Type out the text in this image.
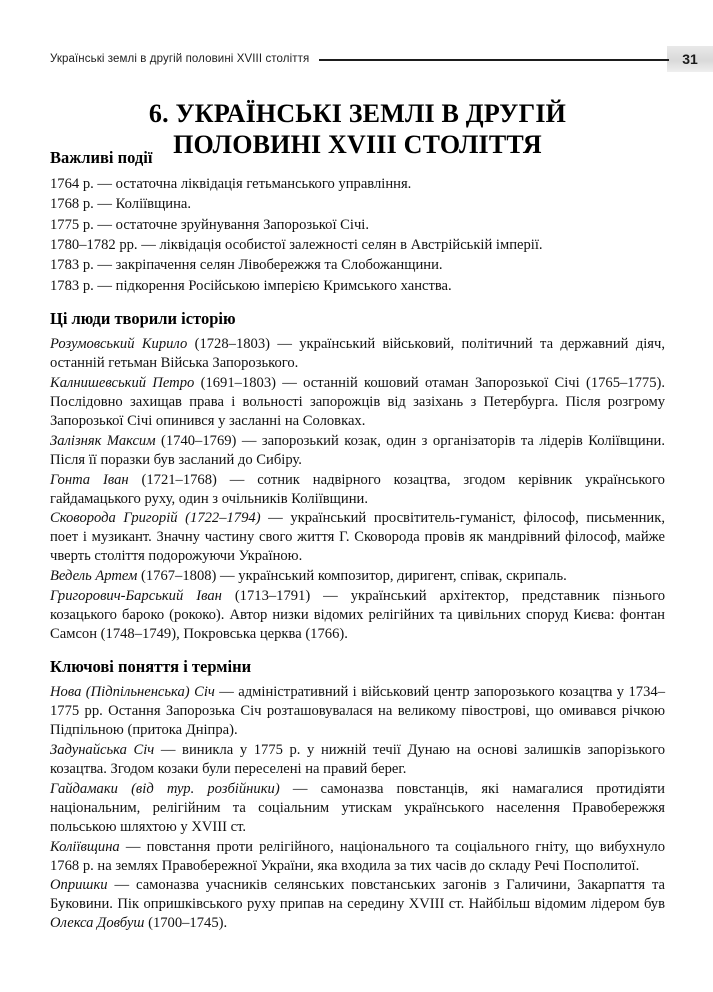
Українські землі в другій половині XVIII століття	31
6. УКРАЇНСЬКІ ЗЕМЛІ В ДРУГІЙ
ПОЛОВИНІ XVIII СТОЛІТТЯ
Важливі події

1764 р. — остаточна ліквідація гетьманського управління.

1768 р. — Коліївщина.

1775 р. — остаточне зруйнування Запорозької Січі.

1780–1782 рр. — ліквідація особистої залежності селян в Австрійській імперії.

1783 р. — закріпачення селян Лівобережжя та Слобожанщини.

1783 р. — підкорення Російською імперією Кримського ханства.

Ці люди творили історію

Розумовський Кирило (1728–1803) — український військовий, політичний та державний діяч, останній гетьман Війська Запорозького.

Калнишевський Петро (1691–1803) — останній кошовий отаман Запорозької Січі (1765–1775). Послідовно захищав права і вольності запорожців від зазіхань з Петербурга. Після розгрому Запорозької Січі опинився у засланні на Соловках.

Залізняк Максим (1740–1769) — запорозький козак, один з організаторів та лідерів Коліївщини. Після її поразки був засланий до Сибіру.

Гонта Іван (1721–1768) — сотник надвірного козацтва, згодом керівник українського гайдамацького руху, один з очільників Коліївщини.

Сковорода Григорій (1722–1794) — український просвітитель-гуманіст, філософ, письменник, поет і музикант. Значну частину свого життя Г. Сковорода провів як мандрівний філософ, майже чверть століття подорожуючи Україною.

Ведель Артем (1767–1808) — український композитор, диригент, співак, скрипаль.

Григорович-Барський Іван (1713–1791) — український архітектор, представник пізнього козацького бароко (рококо). Автор низки відомих релігійних та цивільних споруд Києва: фонтан Самсон (1748–1749), Покровська церква (1766).

Ключові поняття і терміни

Нова (Підпільненська) Січ — адміністративний і військовий центр запорозького козацтва у 1734–1775 рр. Остання Запорозька Січ розташовувалася на великому півострові, що омивався річкою Підпільною (притока Дніпра).

Задунайська Січ — виникла у 1775 р. у нижній течії Дунаю на основі залишків запорізького козацтва. Згодом козаки були переселені на правий берег.

Гайдамаки (від тур. розбійники) — самоназва повстанців, які намагалися протидіяти національним, релігійним та соціальним утискам українського населення Правобережжя польською шляхтою у XVIII ст.

Коліївщина — повстання проти релігійного, національного та соціального гніту, що вибухнуло 1768 р. на землях Правобережної України, яка входила за тих часів до складу Речі Посполитої.

Опришки — самоназва учасників селянських повстанських загонів з Галичини, Закарпаття та Буковини. Пік опришківського руху припав на середину XVIII ст. Найбільш відомим лідером був Олекса Довбуш (1700–1745).
